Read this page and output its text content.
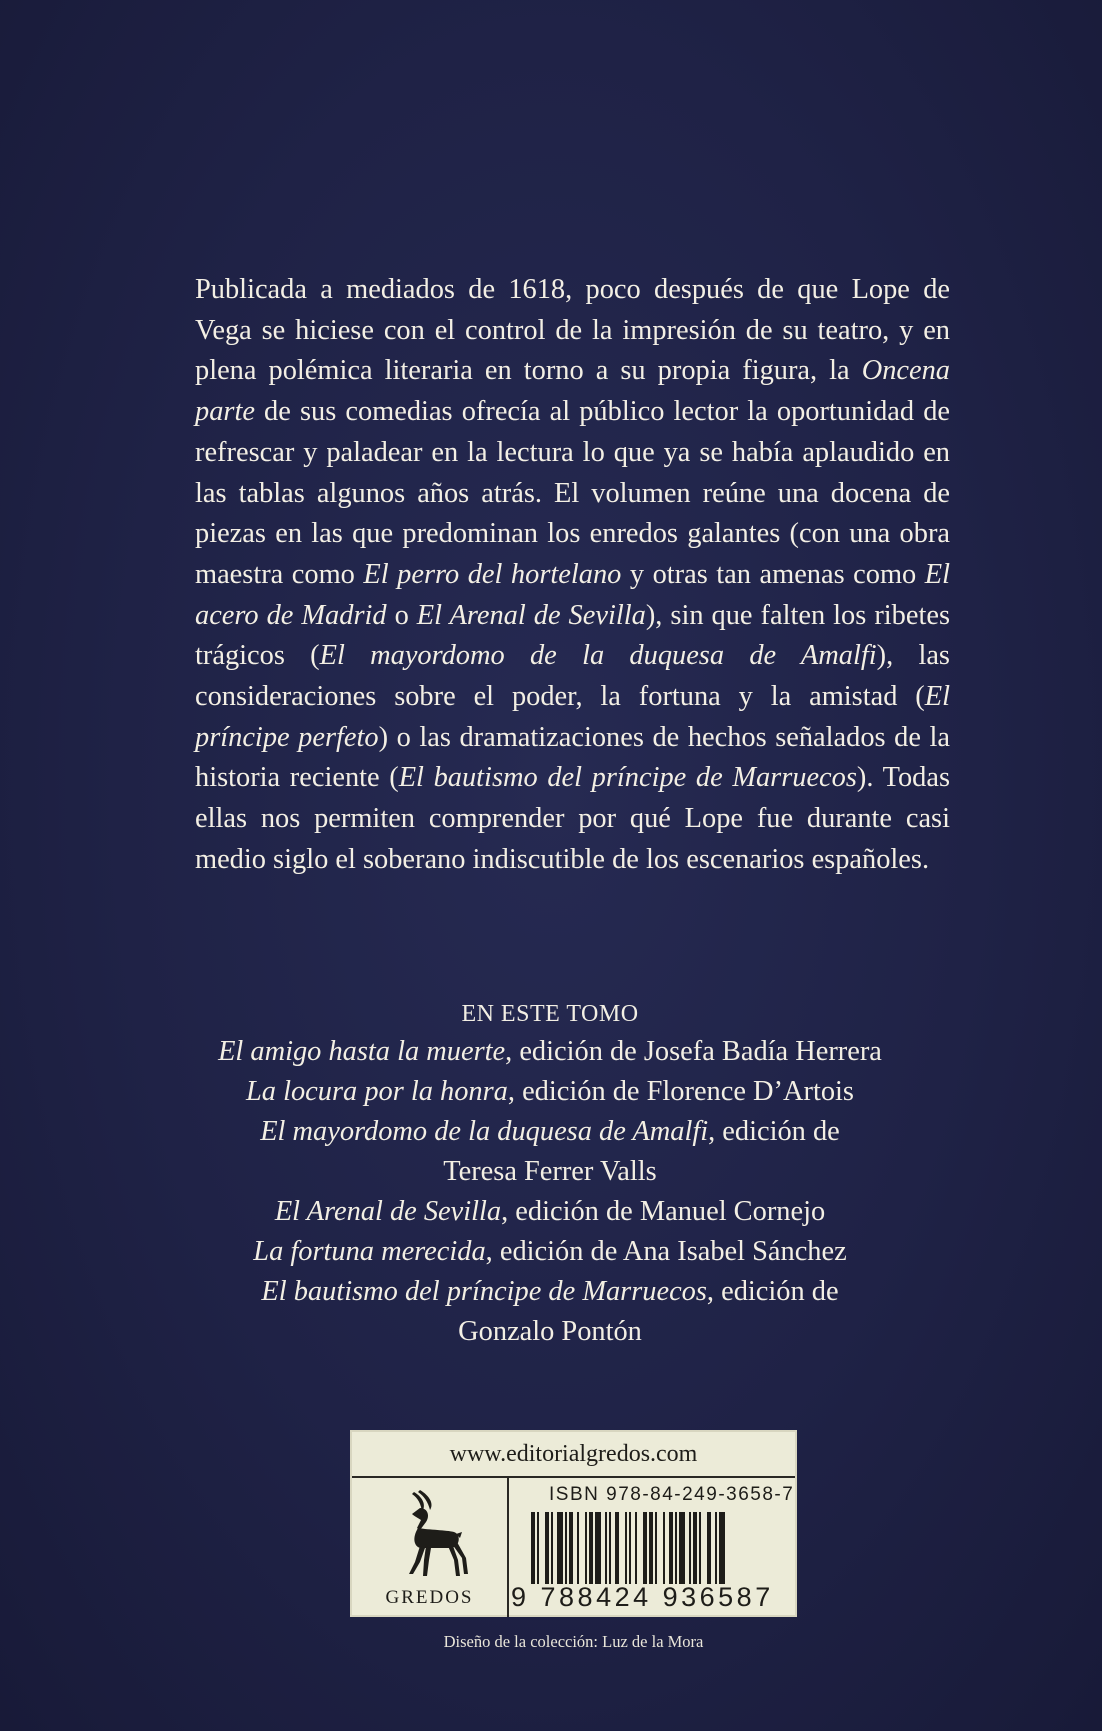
Publicada a mediados de 1618, poco después de que Lope de Vega se hiciese con el control de la impresión de su teatro, y en plena polémica literaria en torno a su propia figura, la Oncena parte de sus comedias ofrecía al público lector la oportunidad de refrescar y paladear en la lectura lo que ya se había aplaudido en las tablas algunos años atrás. El volumen reúne una docena de piezas en las que predominan los enredos galantes (con una obra maestra como El perro del hortelano y otras tan amenas como El acero de Madrid o El Arenal de Sevilla), sin que falten los ribetes trágicos (El mayordomo de la duquesa de Amalfi), las consideraciones sobre el poder, la fortuna y la amistad (El príncipe perfeto) o las dramatizaciones de hechos señalados de la historia reciente (El bautismo del príncipe de Marruecos). Todas ellas nos permiten comprender por qué Lope fue durante casi medio siglo el soberano indiscutible de los escenarios españoles.

EN ESTE TOMO
El amigo hasta la muerte, edición de Josefa Badía Herrera
La locura por la honra, edición de Florence D’Artois
El mayordomo de la duquesa de Amalfi, edición de
Teresa Ferrer Valls
El Arenal de Sevilla, edición de Manuel Cornejo
La fortuna merecida, edición de Ana Isabel Sánchez
El bautismo del príncipe de Marruecos, edición de
Gonzalo Pontón
www.editorialgredos.com
GREDOS
ISBN 978-84-249-3658-7
9 788424 936587
Diseño de la colección: Luz de la Mora
